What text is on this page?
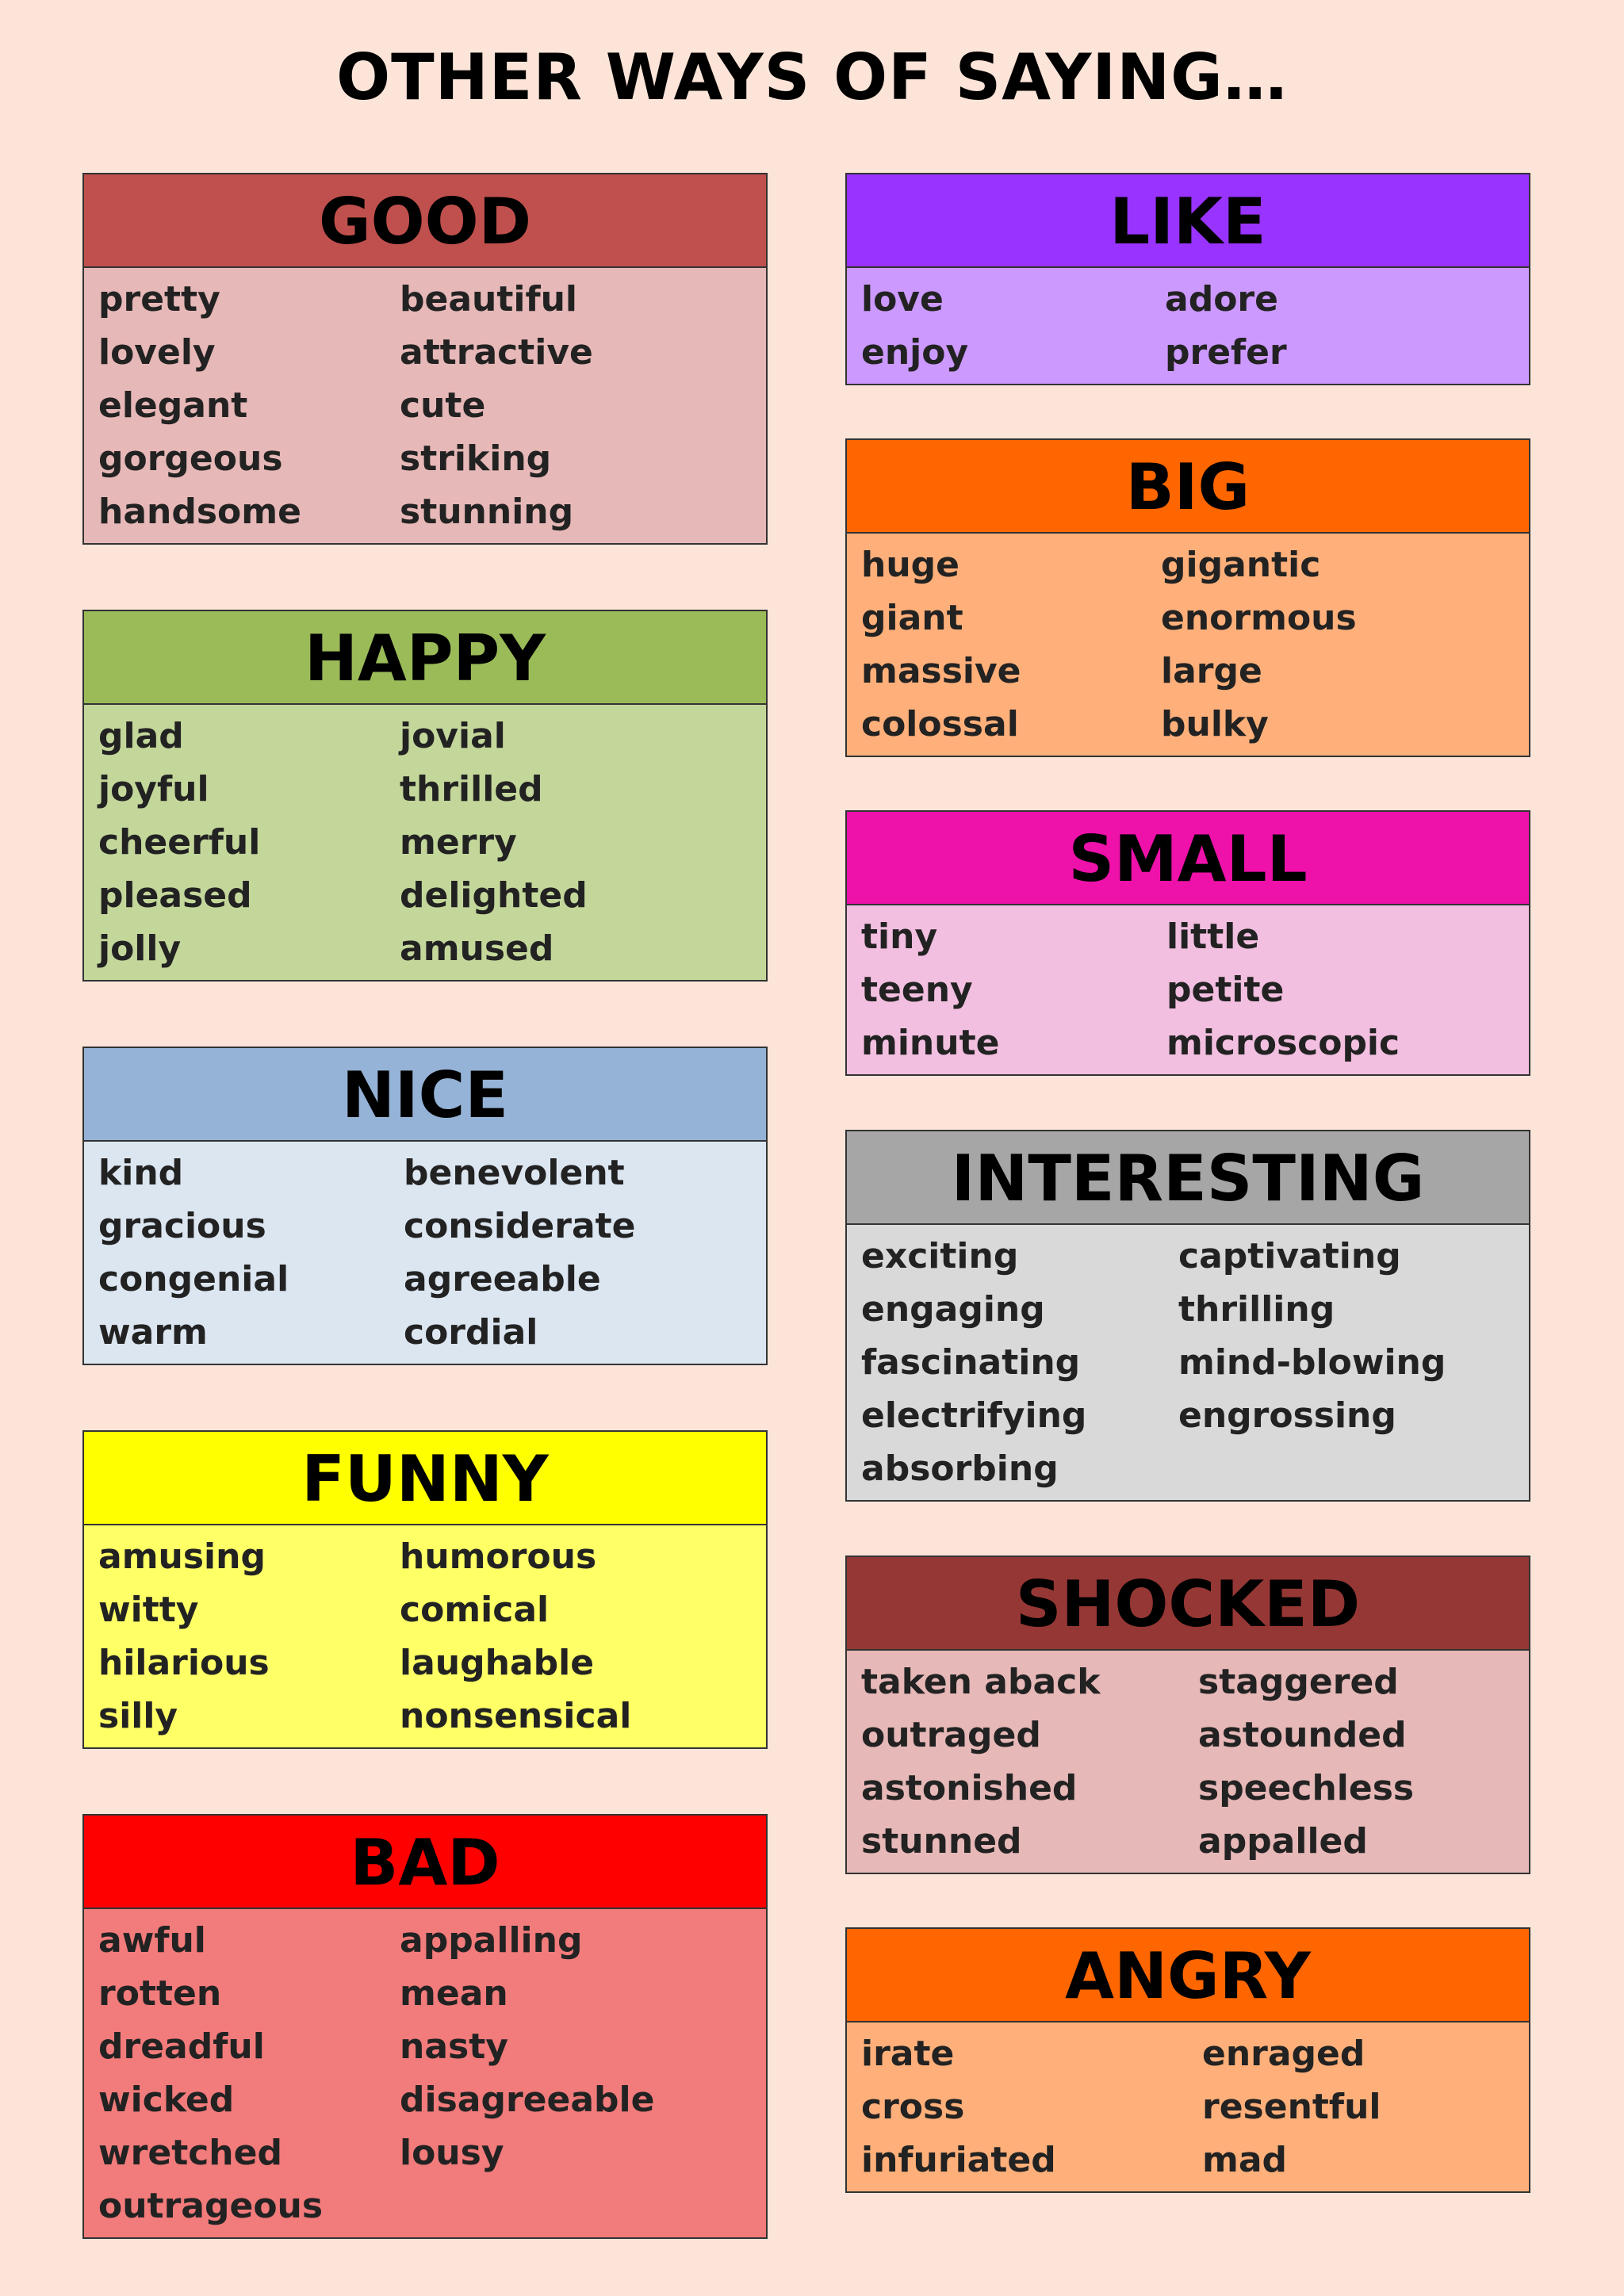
OTHER WAYS OF SAYING…
GOOD
pretty	beautiful
lovely	attractive
elegant	cute
gorgeous	striking
handsome	stunning
HAPPY
glad	jovial
joyful	thrilled
cheerful	merry
pleased	delighted
jolly	amused
NICE
kind	benevolent
gracious	considerate
congenial	agreeable
warm	cordial
FUNNY
amusing	humorous
witty	comical
hilarious	laughable
silly	nonsensical
BAD
awful	appalling
rotten	mean
dreadful	nasty
wicked	disagreeable
wretched	lousy
outrageous
LIKE
love	adore
enjoy	prefer
BIG
huge	gigantic
giant	enormous
massive	large
colossal	bulky
SMALL
tiny	little
teeny	petite
minute	microscopic
INTERESTING
exciting	captivating
engaging	thrilling
fascinating	mind-blowing
electrifying	engrossing
absorbing
SHOCKED
taken aback	staggered
outraged	astounded
astonished	speechless
stunned	appalled
ANGRY
irate	enraged
cross	resentful
infuriated	mad
